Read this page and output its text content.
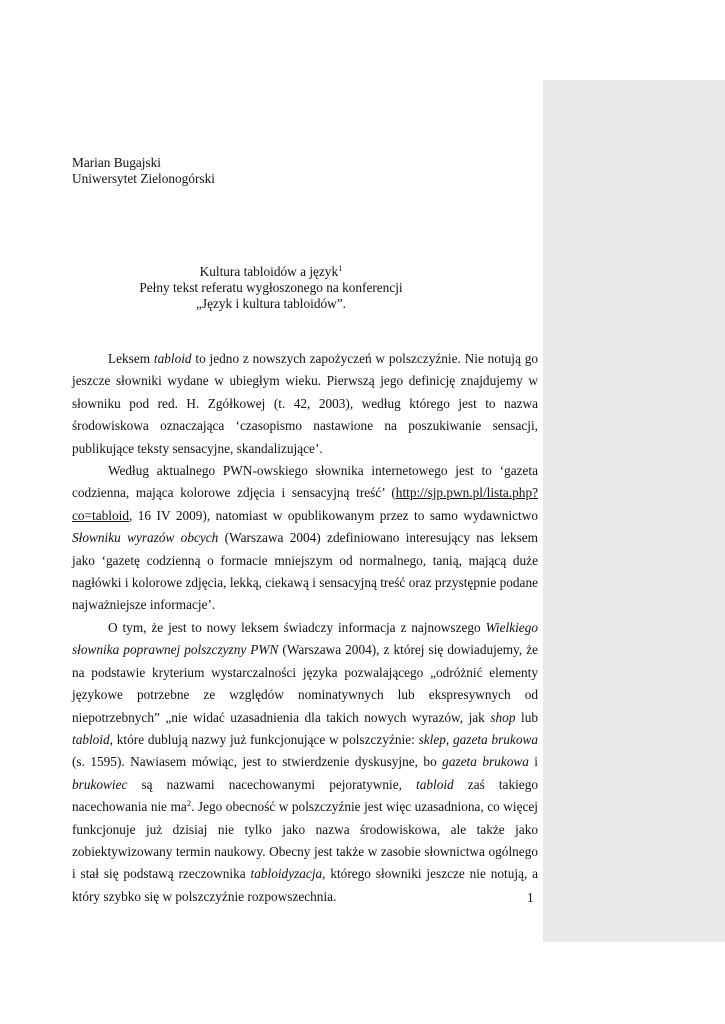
Marian Bugajski
Uniwersytet Zielonogórski
Kultura tabloidów a język$^1$
Pełny tekst referatu wygłoszonego na konferencji
„Język i kultura tabloidów”.

Leksem tabloid to jedno z nowszych zapożyczeń w polszczyźnie. Nie notują go jeszcze słowniki wydane w ubiegłym wieku. Pierwszą jego definicję znajdujemy w słowniku pod red. H. Zgółkowej (t. 42, 2003), według którego jest to nazwa środowiskowa oznaczająca ‘czasopismo nastawione na poszukiwanie sensacji, publikujące teksty sensacyjne, skandalizujące’.

Według aktualnego PWN-owskiego słownika internetowego jest to ‘gazeta codzienna, mająca kolorowe zdjęcia i sensacyjną treść’ (http://sjp.pwn.pl/lista.php?co=tabloid, 16 IV 2009), natomiast w opublikowanym przez to samo wydawnictwo Słowniku wyrazów obcych (Warszawa 2004) zdefiniowano interesujący nas leksem jako ‘gazetę codzienną o formacie mniejszym od normalnego, tanią, mającą duże nagłówki i kolorowe zdjęcia, lekką, ciekawą i sensacyjną treść oraz przystępnie podane najważniejsze informacje’.

O tym, że jest to nowy leksem świadczy informacja z najnowszego Wielkiego słownika poprawnej polszczyzny PWN (Warszawa 2004), z której się dowiadujemy, że na podstawie kryterium wystarczalności języka pozwalającego „odróżnić elementy językowe potrzebne ze względów nominatywnych lub ekspresywnych od niepotrzebnych” „nie widać uzasadnienia dla takich nowych wyrazów, jak shop lub tabloid, które dublują nazwy już funkcjonujące w polszczyźnie: sklep, gazeta brukowa (s. 1595). Nawiasem mówiąc, jest to stwierdzenie dyskusyjne, bo gazeta brukowa i brukowiec są nazwami nacechowanymi pejoratywnie, tabloid zaś takiego nacechowania nie $ma^2$. Jego obecność w polszczyźnie jest więc uzasadniona, co więcej funkcjonuje już dzisiaj nie tylko jako nazwa środowiskowa, ale także jako zobiektywizowany termin naukowy. Obecny jest także w zasobie słownictwa ogólnego i stał się podstawą rzeczownika tabloidyzacja, którego słowniki jeszcze nie notują, a który szybko się w polszczyźnie rozpowszechnia.	1
